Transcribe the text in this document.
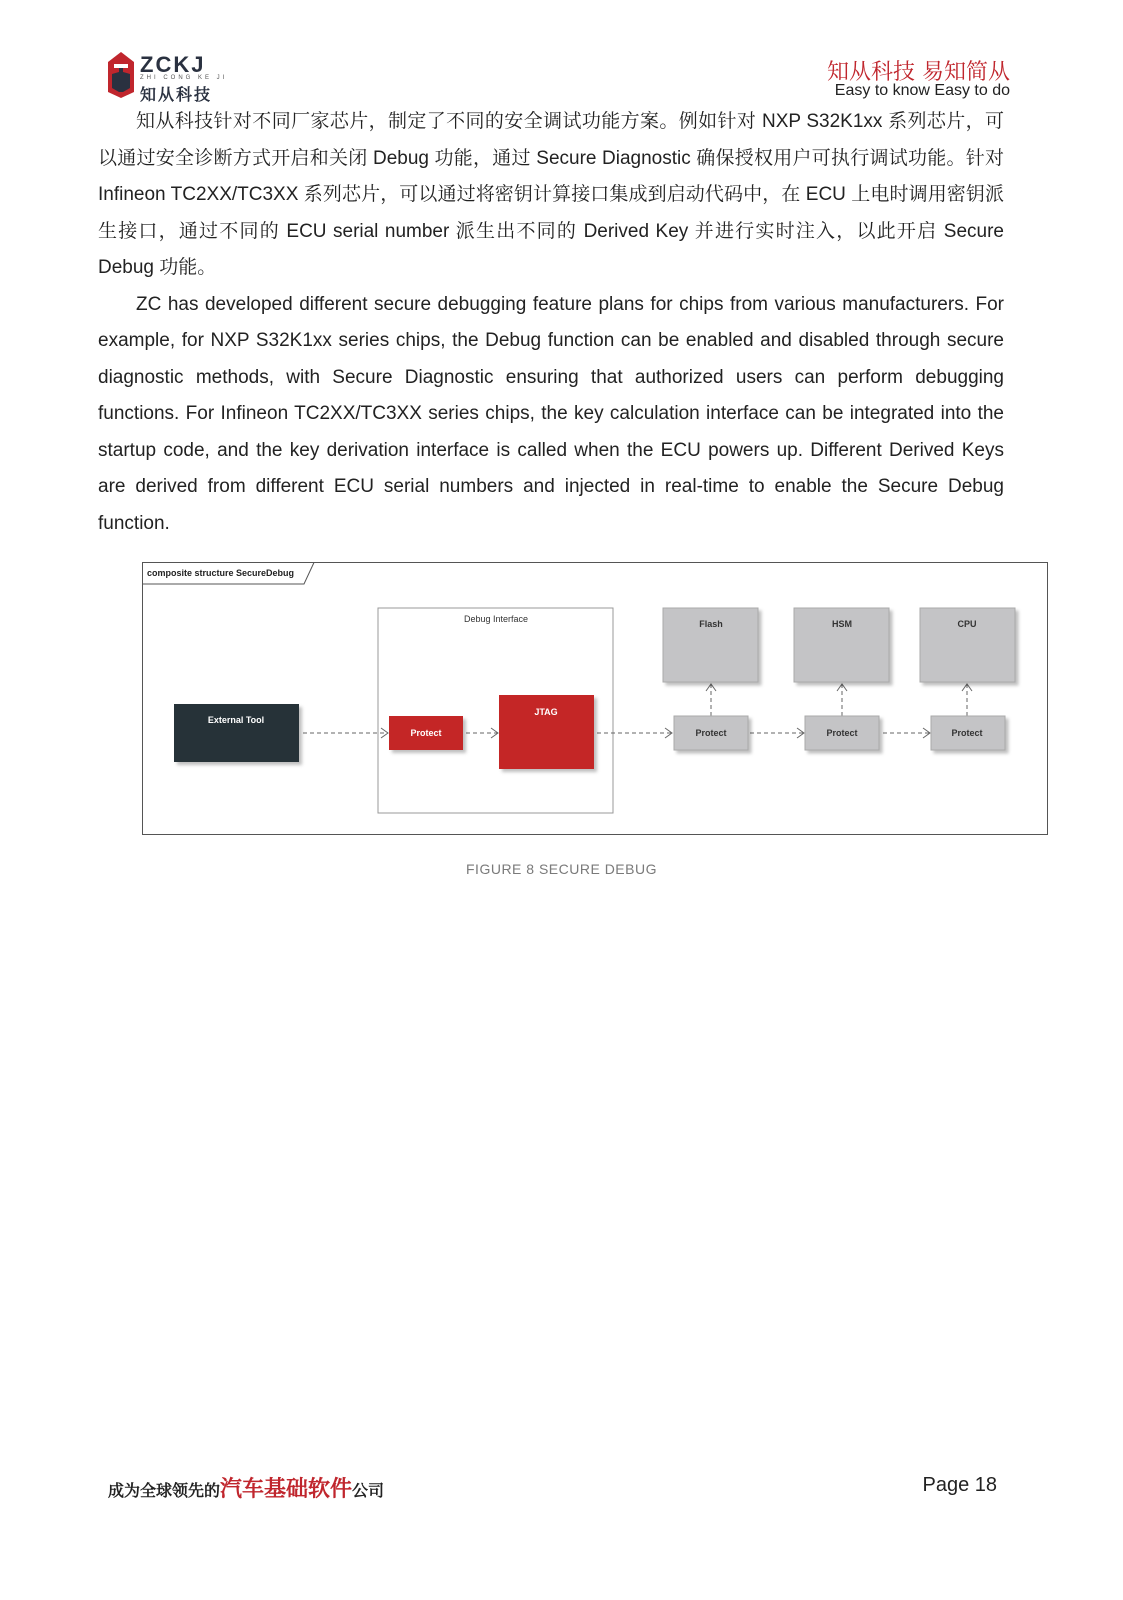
ZCKJ
ZHI CONG KE JI
知从科技
知从科技 易知简从
Easy to know Easy to do

知从科技针对不同厂家芯片，制定了不同的安全调试功能方案。例如针对 NXP S32K1xx 系列芯片，可以通过安全诊断方式开启和关闭 Debug 功能，通过 Secure Diagnostic 确保授权用户可执行调试功能。针对 Infineon TC2XX/TC3XX 系列芯片，可以通过将密钥计算接口集成到启动代码中，在 ECU 上电时调用密钥派生接口，通过不同的 ECU serial number 派生出不同的 Derived Key 并进行实时注入，以此开启 Secure Debug 功能。

ZC has developed different secure debugging feature plans for chips from various manufacturers. For example, for NXP S32K1xx series chips, the Debug function can be enabled and disabled through secure diagnostic methods, with Secure Diagnostic ensuring that authorized users can perform debugging functions. For Infineon TC2XX/TC3XX series chips, the key calculation interface can be integrated into the startup code, and the key derivation interface is called when the ECU powers up. Different Derived Keys are derived from different ECU serial numbers and injected in real-time to enable the Secure Debug function.

composite structure SecureDebug
Debug Interface
External Tool
Protect
JTAG
Flash	HSM	CPU
Protect	Protect	Protect
FIGURE 8 SECURE DEBUG
成为全球领先的汽车基础软件公司	Page 18
